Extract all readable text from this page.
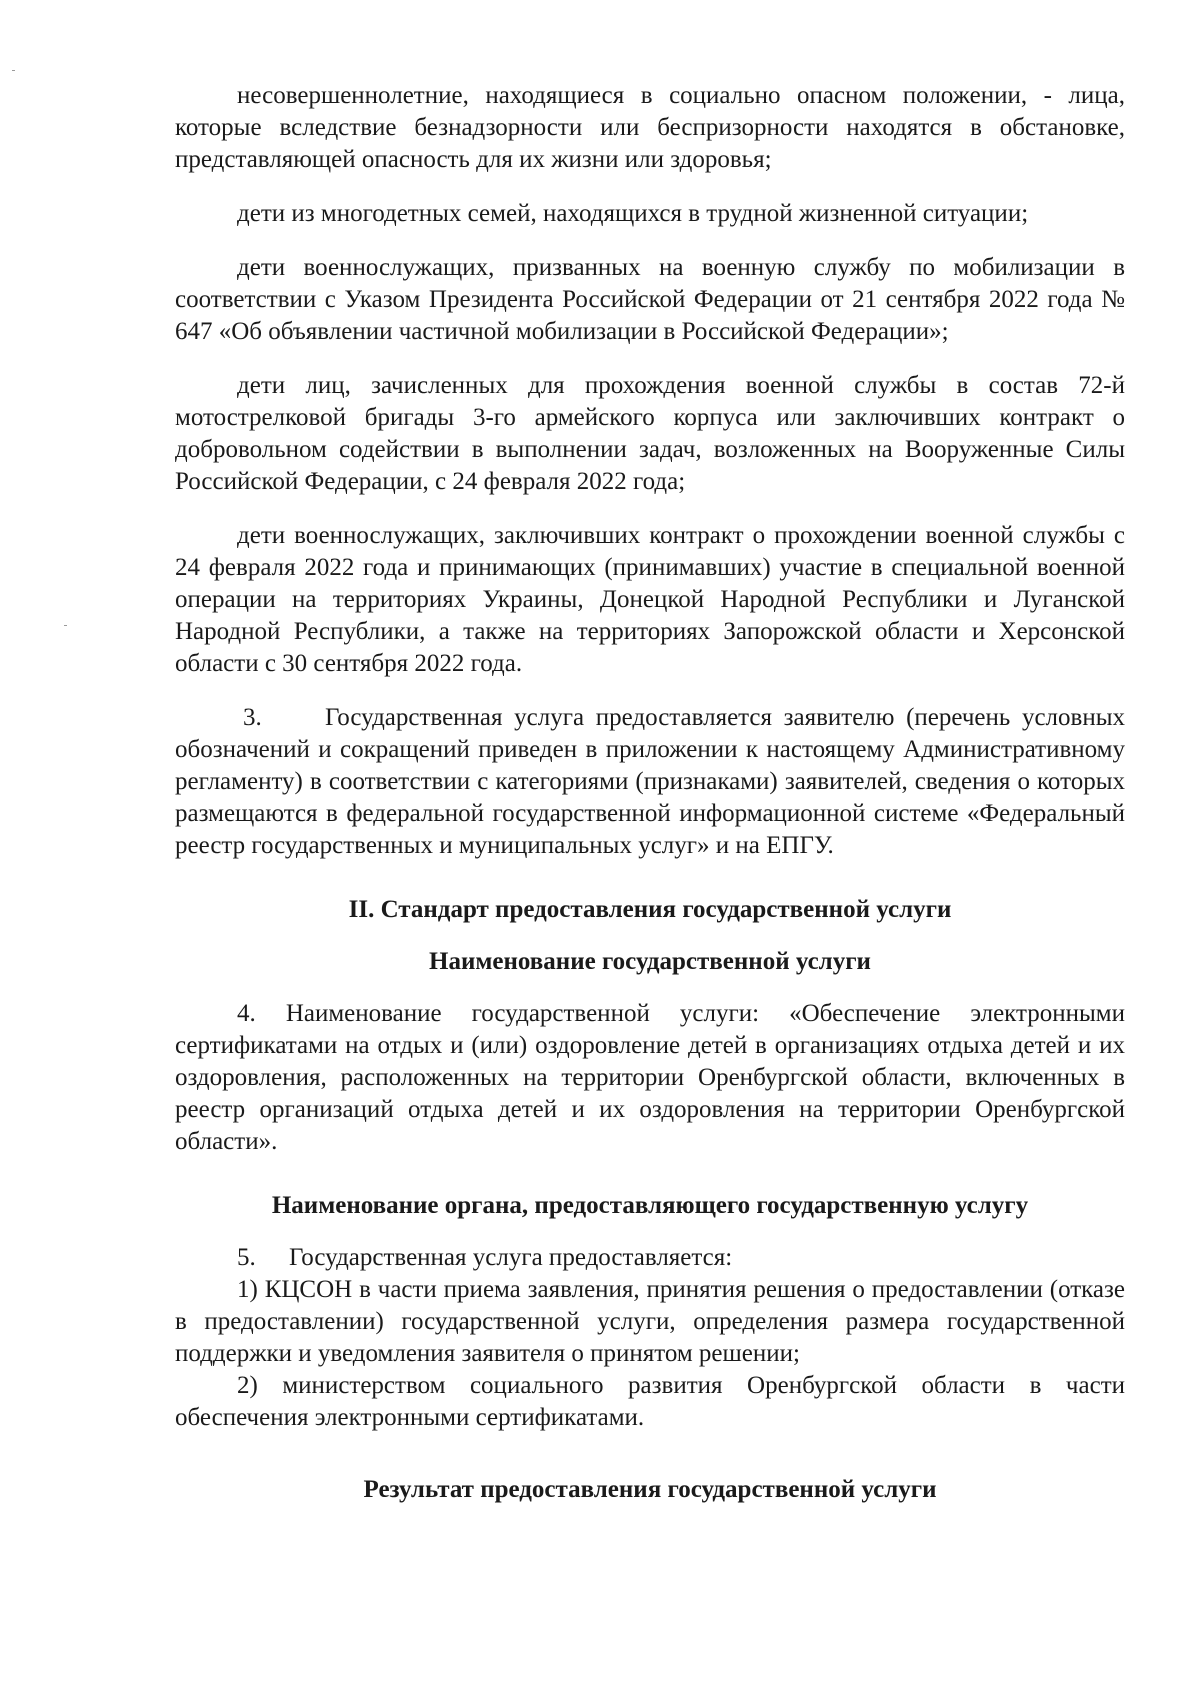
несовершеннолетние, находящиеся в социально опасном положении, - лица, которые вследствие безнадзорности или беспризорности находятся в обстановке, представляющей опасность для их жизни или здоровья;

дети из многодетных семей, находящихся в трудной жизненной ситуации;

дети военнослужащих, призванных на военную службу по мобилизации в соответствии с Указом Президента Российской Федерации от 21 сентября 2022 года № 647 «Об объявлении частичной мобилизации в Российской Федерации»;

дети лиц, зачисленных для прохождения военной службы в состав 72-й мотострелковой бригады 3-го армейского корпуса или заключивших контракт о добровольном содействии в выполнении задач, возложенных на Вооруженные Силы Российской Федерации, с 24 февраля 2022 года;

дети военнослужащих, заключивших контракт о прохождении военной службы с 24 февраля 2022 года и принимающих (принимавших) участие в специальной военной операции на территориях Украины, Донецкой Народной Республики и Луганской Народной Республики, а также на территориях Запорожской области и Херсонской области с 30 сентября 2022 года.

3.	Государственная услуга предоставляется заявителю (перечень условных обозначений и сокращений приведен в приложении к настоящему Административному регламенту) в соответствии с категориями (признаками) заявителей, сведения о которых размещаются в федеральной государственной информационной системе «Федеральный реестр государственных и муниципальных услуг» и на ЕПГУ.

II. Стандарт предоставления государственной услуги
Наименование государственной услуги

4. Наименование государственной услуги: «Обеспечение электронными сертификатами на отдых и (или) оздоровление детей в организациях отдыха детей и их оздоровления, расположенных на территории Оренбургской области, включенных в реестр организаций отдыха детей и их оздоровления на территории Оренбургской области».

Наименование органа, предоставляющего государственную услугу

5. Государственная услуга предоставляется:

1) КЦСОН в части приема заявления, принятия решения о предоставлении (отказе в предоставлении) государственной услуги, определения размера государственной поддержки и уведомления заявителя о принятом решении;

2) министерством социального развития Оренбургской области в части обеспечения электронными сертификатами.

Результат предоставления государственной услуги
